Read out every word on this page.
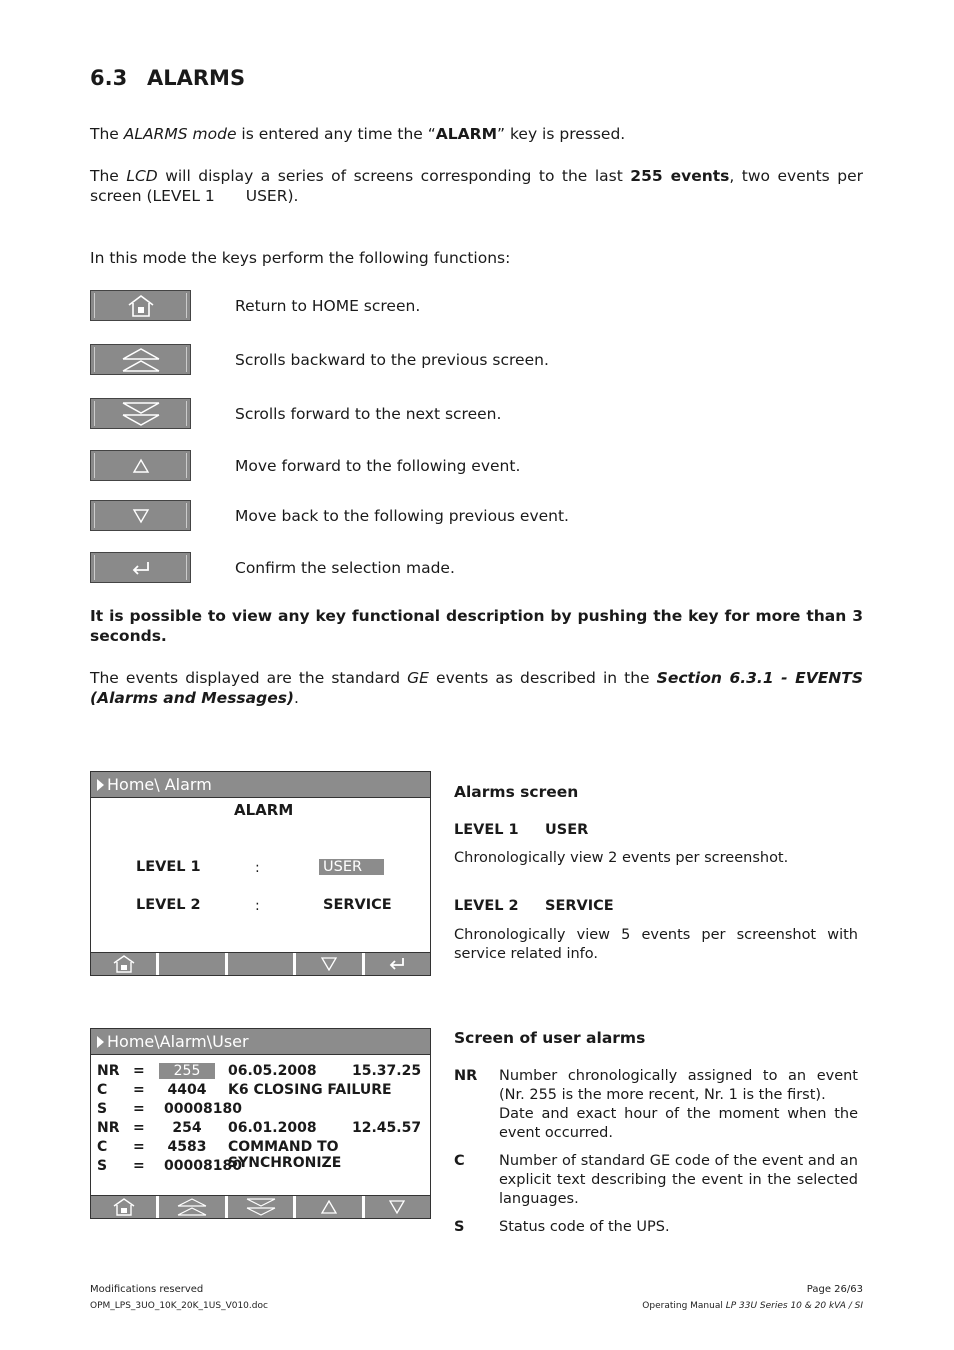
6.3 ALARMS

The ALARMS mode is entered any time the “ALARM” key is pressed.

The LCD will display a series of screens corresponding to the last 255 events, two events per screen (LEVEL 1  USER).

In this mode the keys perform the following functions:

Return to HOME screen.
Scrolls backward to the previous screen.
Scrolls forward to the next screen.
Move forward to the following event.
Move back to the following previous event.
Confirm the selection made.

It is possible to view any key functional description by pushing the key for more than 3 seconds.

The events displayed are the standard GE events as described in the Section 6.3.1 - EVENTS (Alarms and Messages).

Home\ Alarm
ALARM
LEVEL 1	:	USER
LEVEL 2	:	SERVICE
Alarms screen
LEVEL 1 USER
Chronologically view 2 events per screenshot.
LEVEL 2 SERVICE
Chronologically view 5 events per screenshot with service related info.
Home\Alarm\User
NR =	255	06.05.2008	15.37.25
C =	4404	K6 CLOSING FAILURE
S = 00008180
NR =	254	06.01.2008	12.45.57
C =	4583	COMMAND TO SYNCHRONIZE
S = 00008180
Screen of user alarms
NR Number chronologically assigned to an event (Nr. 255 is the more recent, Nr. 1 is the first).
Date and exact hour of the moment when the event occurred.
C Number of standard GE code of the event and an explicit text describing the event in the selected languages.
S Status code of the UPS.
Modifications reserved
OPM_LPS_3UO_10K_20K_1US_V010.doc
Page 26/63
Operating Manual LP 33U Series 10 & 20 kVA / SI
